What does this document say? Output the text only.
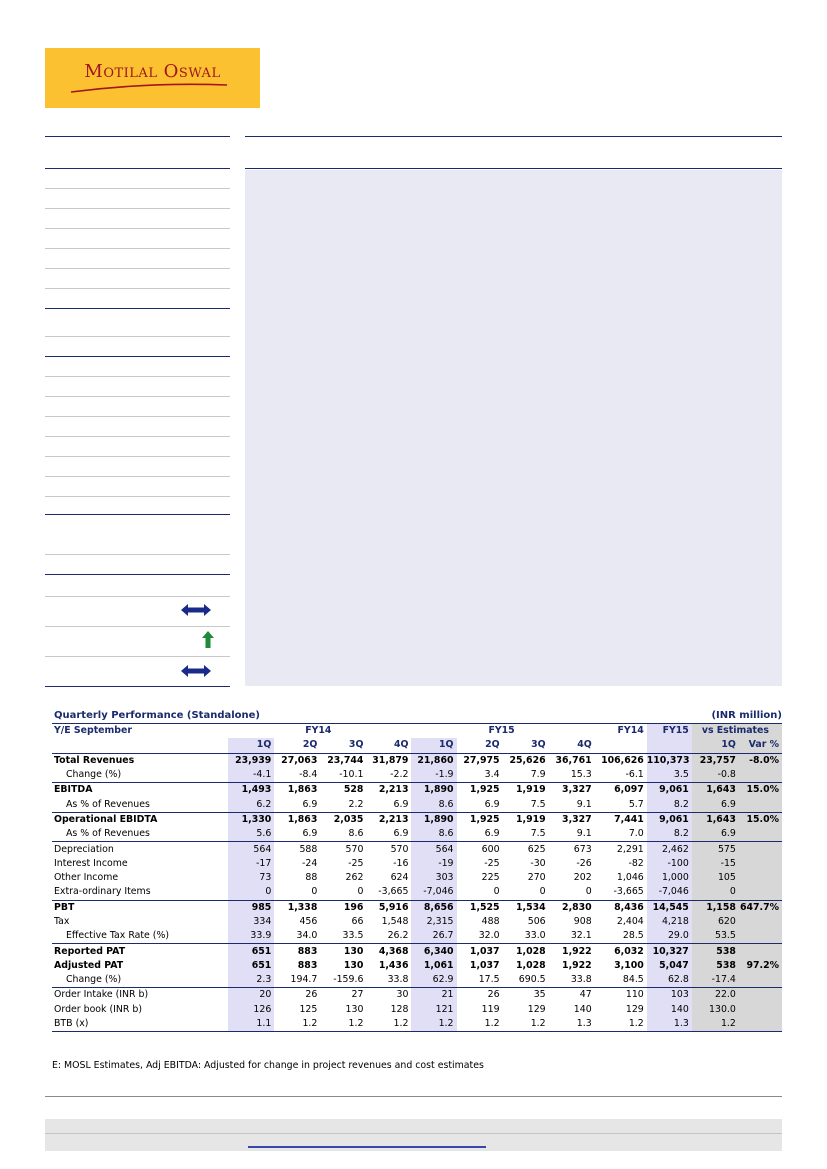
Motilal Oswal
Quarterly Performance (Standalone)	(INR million)
Y/E September	FY14				FY15				FY14	FY15	vs Estimates	
	1Q	2Q	3Q	4Q	1Q	2Q	3Q	4Q			1Q	Var %
Total Revenues	23,939	27,063	23,744	31,879	21,860	27,975	25,626	36,761	106,626	110,373	23,757	-8.0%
Change (%)	-4.1	-8.4	-10.1	-2.2	-1.9	3.4	7.9	15.3	-6.1	3.5	-0.8	
EBITDA	1,493	1,863	528	2,213	1,890	1,925	1,919	3,327	6,097	9,061	1,643	15.0%
As % of Revenues	6.2	6.9	2.2	6.9	8.6	6.9	7.5	9.1	5.7	8.2	6.9	
Operational EBIDTA	1,330	1,863	2,035	2,213	1,890	1,925	1,919	3,327	7,441	9,061	1,643	15.0%
As % of Revenues	5.6	6.9	8.6	6.9	8.6	6.9	7.5	9.1	7.0	8.2	6.9	
Depreciation	564	588	570	570	564	600	625	673	2,291	2,462	575	
Interest Income	-17	-24	-25	-16	-19	-25	-30	-26	-82	-100	-15	
Other Income	73	88	262	624	303	225	270	202	1,046	1,000	105	
Extra-ordinary Items	0	0	0	-3,665	-7,046	0	0	0	-3,665	-7,046	0	
PBT	985	1,338	196	5,916	8,656	1,525	1,534	2,830	8,436	14,545	1,158	647.7%
Tax	334	456	66	1,548	2,315	488	506	908	2,404	4,218	620	
Effective Tax Rate (%)	33.9	34.0	33.5	26.2	26.7	32.0	33.0	32.1	28.5	29.0	53.5	
Reported PAT	651	883	130	4,368	6,340	1,037	1,028	1,922	6,032	10,327	538	
Adjusted PAT	651	883	130	1,436	1,061	1,037	1,028	1,922	3,100	5,047	538	97.2%
Change (%)	2.3	194.7	-159.6	33.8	62.9	17.5	690.5	33.8	84.5	62.8	-17.4	
Order Intake (INR b)	20	26	27	30	21	26	35	47	110	103	22.0	
Order book (INR b)	126	125	130	128	121	119	129	140	129	140	130.0	
BTB (x)	1.1	1.2	1.2	1.2	1.2	1.2	1.2	1.3	1.2	1.3	1.2	

E: MOSL Estimates, Adj EBITDA: Adjusted for change in project revenues and cost estimates
